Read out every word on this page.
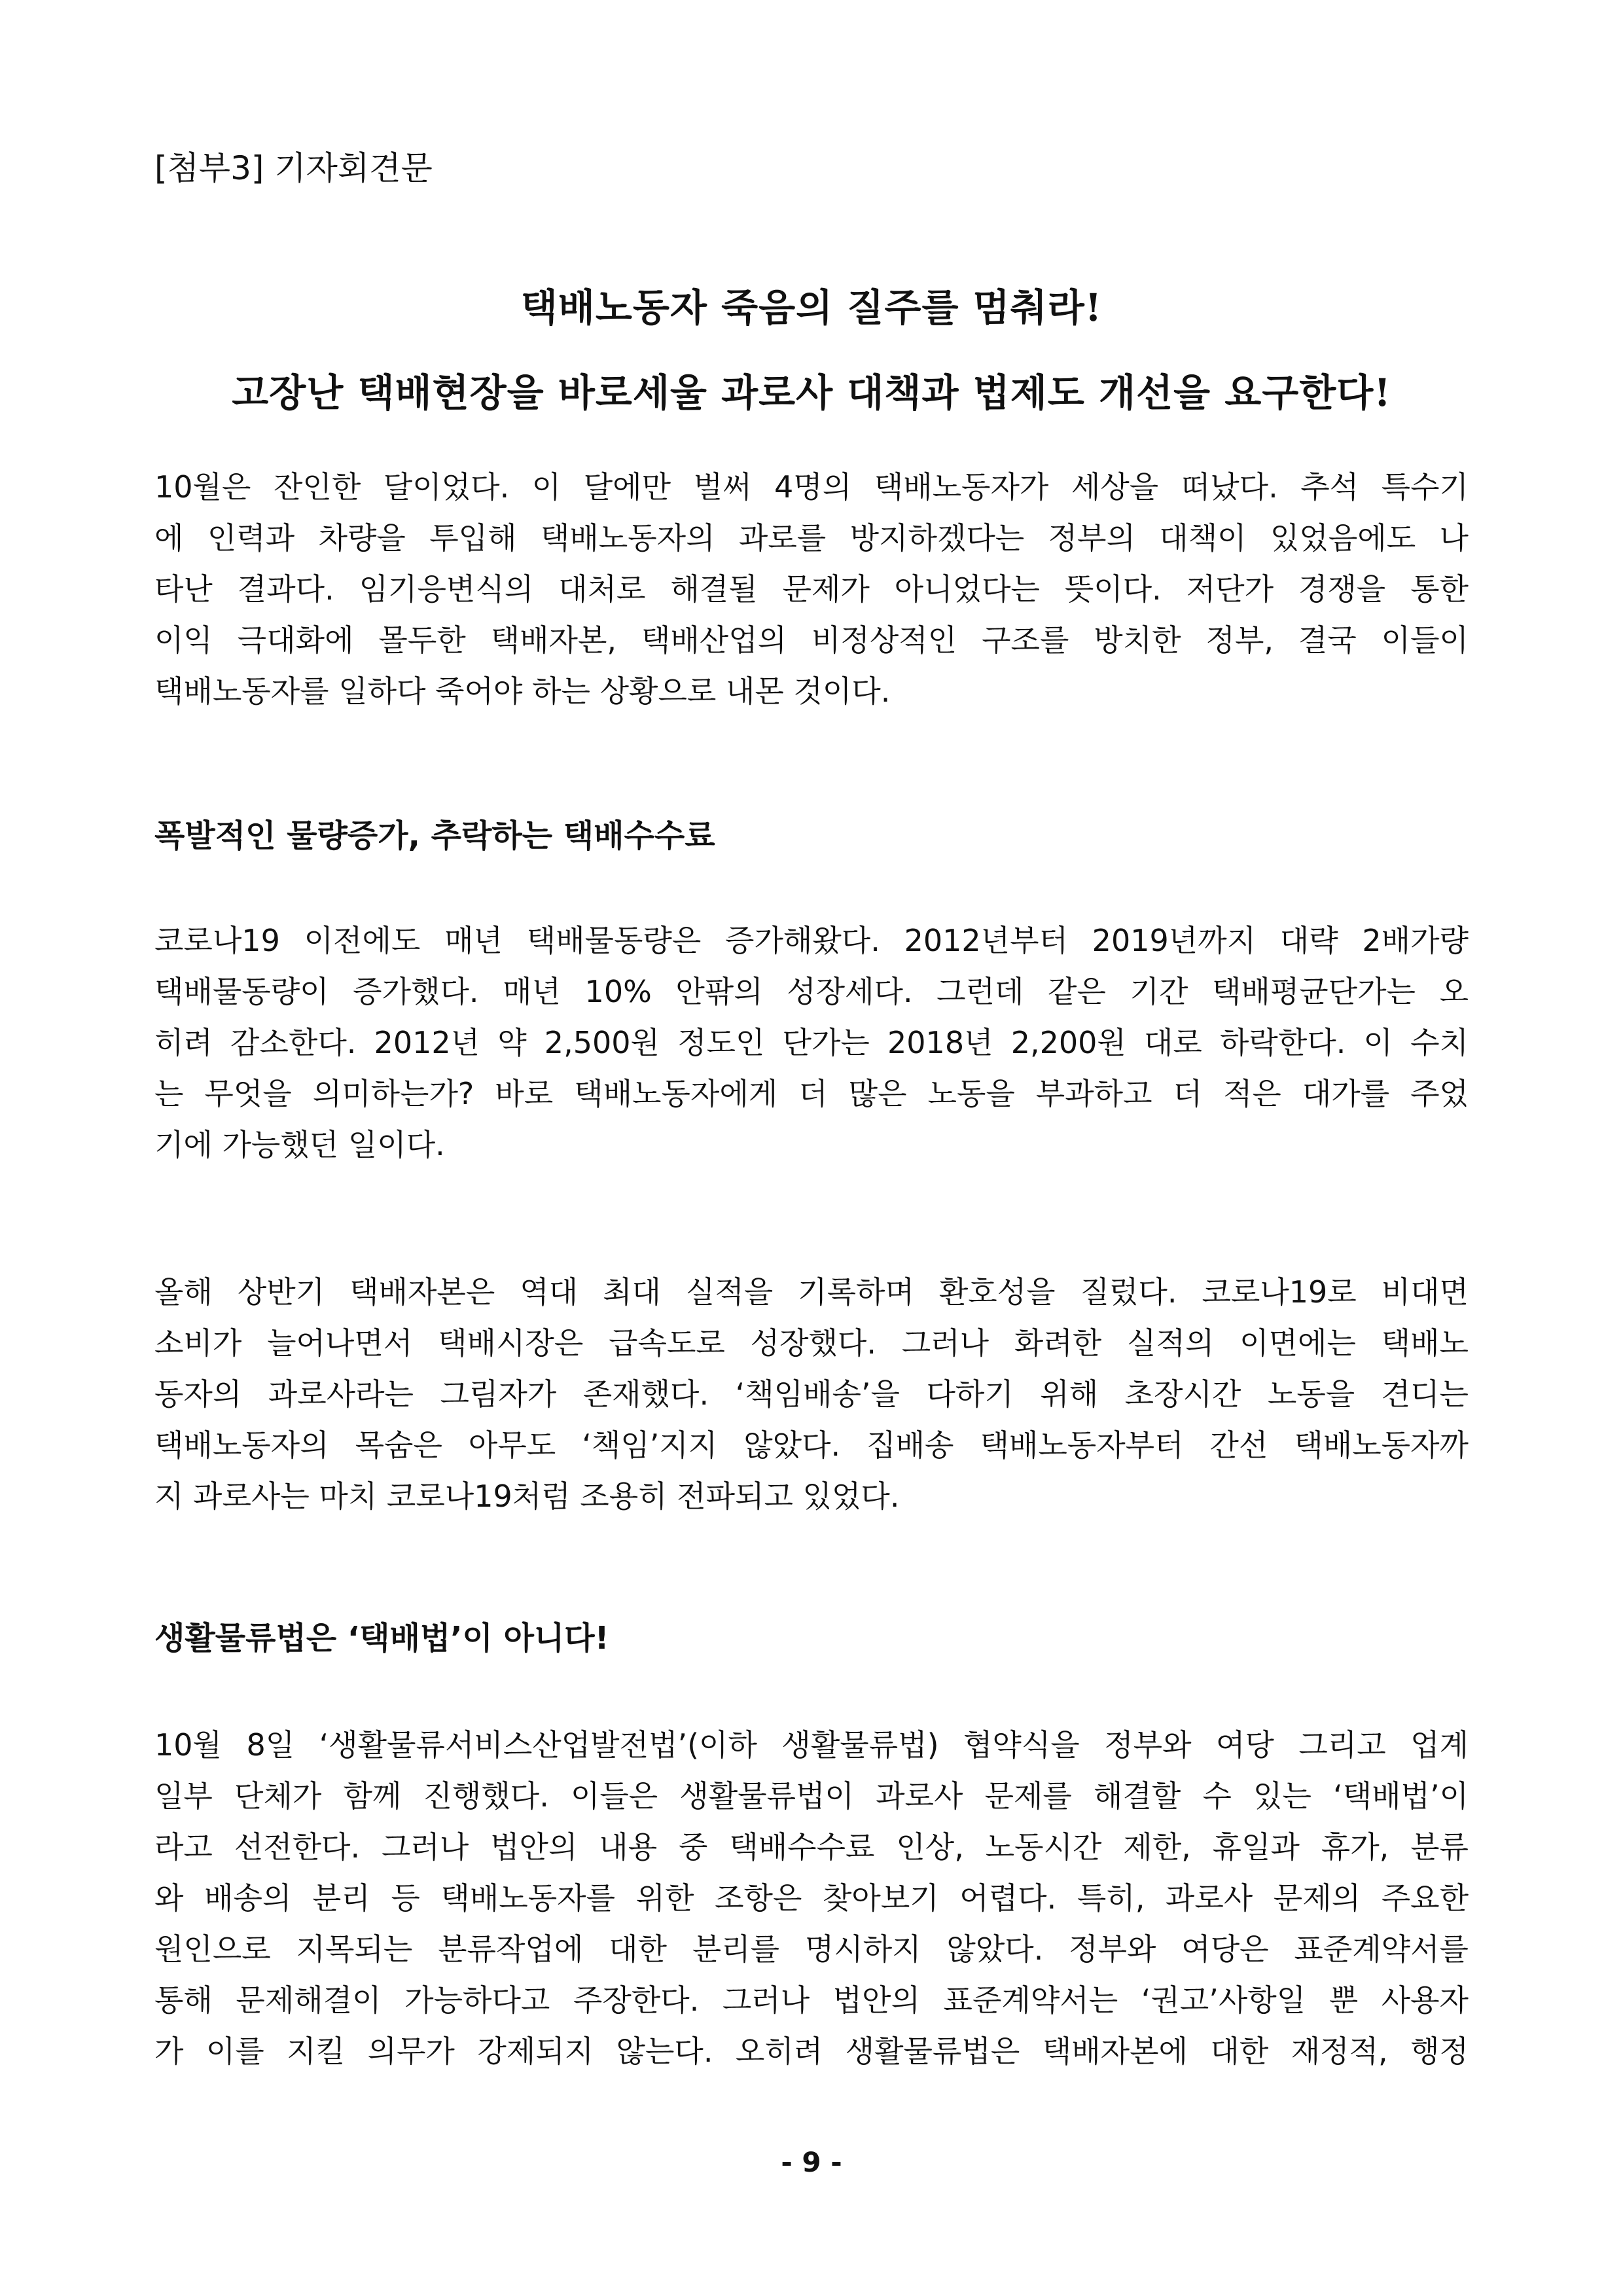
[첨부3] 기자회견문
택배노동자 죽음의 질주를 멈춰라!
고장난 택배현장을 바로세울 과로사 대책과 법제도 개선을 요구한다!
10월은 잔인한 달이었다. 이 달에만 벌써 4명의 택배노동자가 세상을 떠났다. 추석 특수기
에 인력과 차량을 투입해 택배노동자의 과로를 방지하겠다는 정부의 대책이 있었음에도 나
타난 결과다. 임기응변식의 대처로 해결될 문제가 아니었다는 뜻이다. 저단가 경쟁을 통한
이익 극대화에 몰두한 택배자본, 택배산업의 비정상적인 구조를 방치한 정부, 결국 이들이
택배노동자를 일하다 죽어야 하는 상황으로 내몬 것이다.
폭발적인 물량증가, 추락하는 택배수수료
코로나19 이전에도 매년 택배물동량은 증가해왔다. 2012년부터 2019년까지 대략 2배가량
택배물동량이 증가했다. 매년 10% 안팎의 성장세다. 그런데 같은 기간 택배평균단가는 오
히려 감소한다. 2012년 약 2,500원 정도인 단가는 2018년 2,200원 대로 하락한다. 이 수치
는 무엇을 의미하는가? 바로 택배노동자에게 더 많은 노동을 부과하고 더 적은 대가를 주었
기에 가능했던 일이다.
올해 상반기 택배자본은 역대 최대 실적을 기록하며 환호성을 질렀다. 코로나19로 비대면
소비가 늘어나면서 택배시장은 급속도로 성장했다. 그러나 화려한 실적의 이면에는 택배노
동자의 과로사라는 그림자가 존재했다. ‘책임배송’을 다하기 위해 초장시간 노동을 견디는
택배노동자의 목숨은 아무도 ‘책임’지지 않았다. 집배송 택배노동자부터 간선 택배노동자까
지 과로사는 마치 코로나19처럼 조용히 전파되고 있었다.
생활물류법은 ‘택배법’이 아니다!
10월 8일 ‘생활물류서비스산업발전법’(이하 생활물류법) 협약식을 정부와 여당 그리고 업계
일부 단체가 함께 진행했다. 이들은 생활물류법이 과로사 문제를 해결할 수 있는 ‘택배법’이
라고 선전한다. 그러나 법안의 내용 중 택배수수료 인상, 노동시간 제한, 휴일과 휴가, 분류
와 배송의 분리 등 택배노동자를 위한 조항은 찾아보기 어렵다. 특히, 과로사 문제의 주요한
원인으로 지목되는 분류작업에 대한 분리를 명시하지 않았다. 정부와 여당은 표준계약서를
통해 문제해결이 가능하다고 주장한다. 그러나 법안의 표준계약서는 ‘권고’사항일 뿐 사용자
가 이를 지킬 의무가 강제되지 않는다. 오히려 생활물류법은 택배자본에 대한 재정적, 행정
- 9 -
